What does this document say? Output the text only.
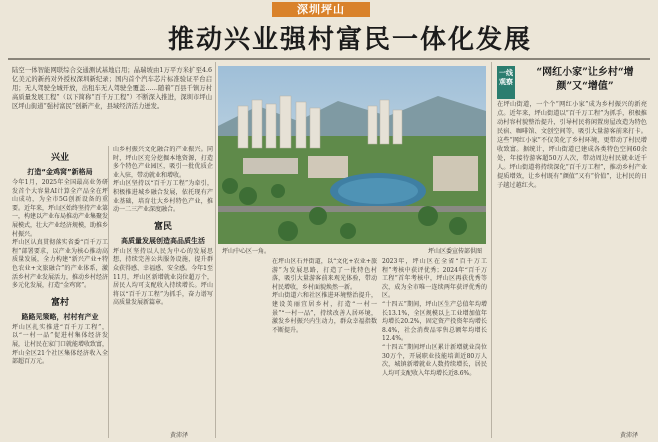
深圳坪山
推动兴业强村富民一体化发展
陆空一体智能网联综合交通测试基地启用；晶瑞坡由1万平方米扩至4.6亿美元的新药对外授权深圳新纪录；国内首个汽车芯片标准验证平台启用；无人驾驶全城开放，出租车无人驾驶全覆盖……随着“百县千镇万村高质量发展工程”（以下简称“百千万工程”）不断深入推进，深圳市坪山区坪山街道“强村富民”创新产业，县域经济活力迸发。
兴业
打造“金鸡窝”新格局
今年1月，2025年全国最高业务研发首个大容量AI计算全产品全在坪山成功，为全市5G创新设备的重要。近年来，坪山区始终坚持产业第一，构建以产业布局推动产业集聚发展模式，壮大产业经济规模，助推乡村振兴。
坪山区认真贯彻落实省委“百千万工程”部署要求，以产业为核心推动高质量发展，全力构建“新兴产业+特色农业+文旅融合”的产业体系，激活乡村产业发展活力，推动乡村经济多元化发展，打造“金鸡窝”。
富村
路路见策略，村村有产业
坪山区扎实推进“百千万工程”，以“一村一品”促进村集体经济发展，让村民在家门口就能增收致富，坪山全区21个社区集体经济收入全部超百万元。
山乡村振兴文化融合的产业振兴。同时，坪山区充分挖掘本地资源，打造多个特色产业园区，吸引一批优质企业入驻，带动就业和增收。
坪山区坚持以“百千万工程”为牵引，积极推进城乡融合发展，依托现有产业基础，培育壮大乡村特色产业，推动一二三产业深度融合。
富民
高质量发展创造高品质生活
坪山区坚持以人民为中心的发展思想，持续完善公共服务设施，提升群众获得感、幸福感、安全感。今年1至11月，坪山区新增就业岗位超万个，居民人均可支配收入持续增长。坪山将以“百千万工程”为抓手，奋力谱写高质量发展新篇章。
坪山中心区一角。	坪山区委宣传部供图
在坪山区石井街道，以“文化+农业+旅游”为发展思路，打造了一批特色村落，吸引大量游客前来观光体验，带动村民增收，乡村面貌焕然一新。
坪山街道六和社区推进环境整治提升，建设美丽宜居乡村，打造“一村一景”“一村一品”，持续改善人居环境，激发乡村振兴内生动力，群众幸福指数不断提升。
2023年，坪山区在全省“百千万工程”考核中获评优秀；2024年“百千万工程”首年考核中，坪山区再获优秀等次，成为全市唯一连续两年获评优秀的区。
“十四五”期间，坪山区生产总值年均增长13.1%，全区规模以上工业增加值年均增长20.2%，固定资产投资年均增长8.4%，社会消费品零售总额年均增长12.4%。
“十四五”期间坪山区累计新增就业岗位30万个，开展职业技能培训近80万人次，城镇新增就业人数持续增长，居民人均可支配收入年均增长近8.6%。
一线观察
“网红小家”让乡村“增颜”又“增值”
在坪山街道，一个个“网红小家”成为乡村振兴的新亮点。近年来，坪山街道以“百千万工程”为抓手，积极推动村容村貌整治提升，引导村民将闲置房屋改造为特色民宿、咖啡馆、文创空间等，吸引大量游客前来打卡。这些“网红小家”不仅美化了乡村环境，更带动了村民增收致富。据统计，坪山街道已建成各类特色空间60余处，年接待游客超50万人次，带动周边村民就业近千人。坪山街道将持续深化“百千万工程”，推动乡村产业提质增效，让乡村既有“颜值”又有“价值”，让村民的日子越过越红火。
黄沛泽	黄沛泽
